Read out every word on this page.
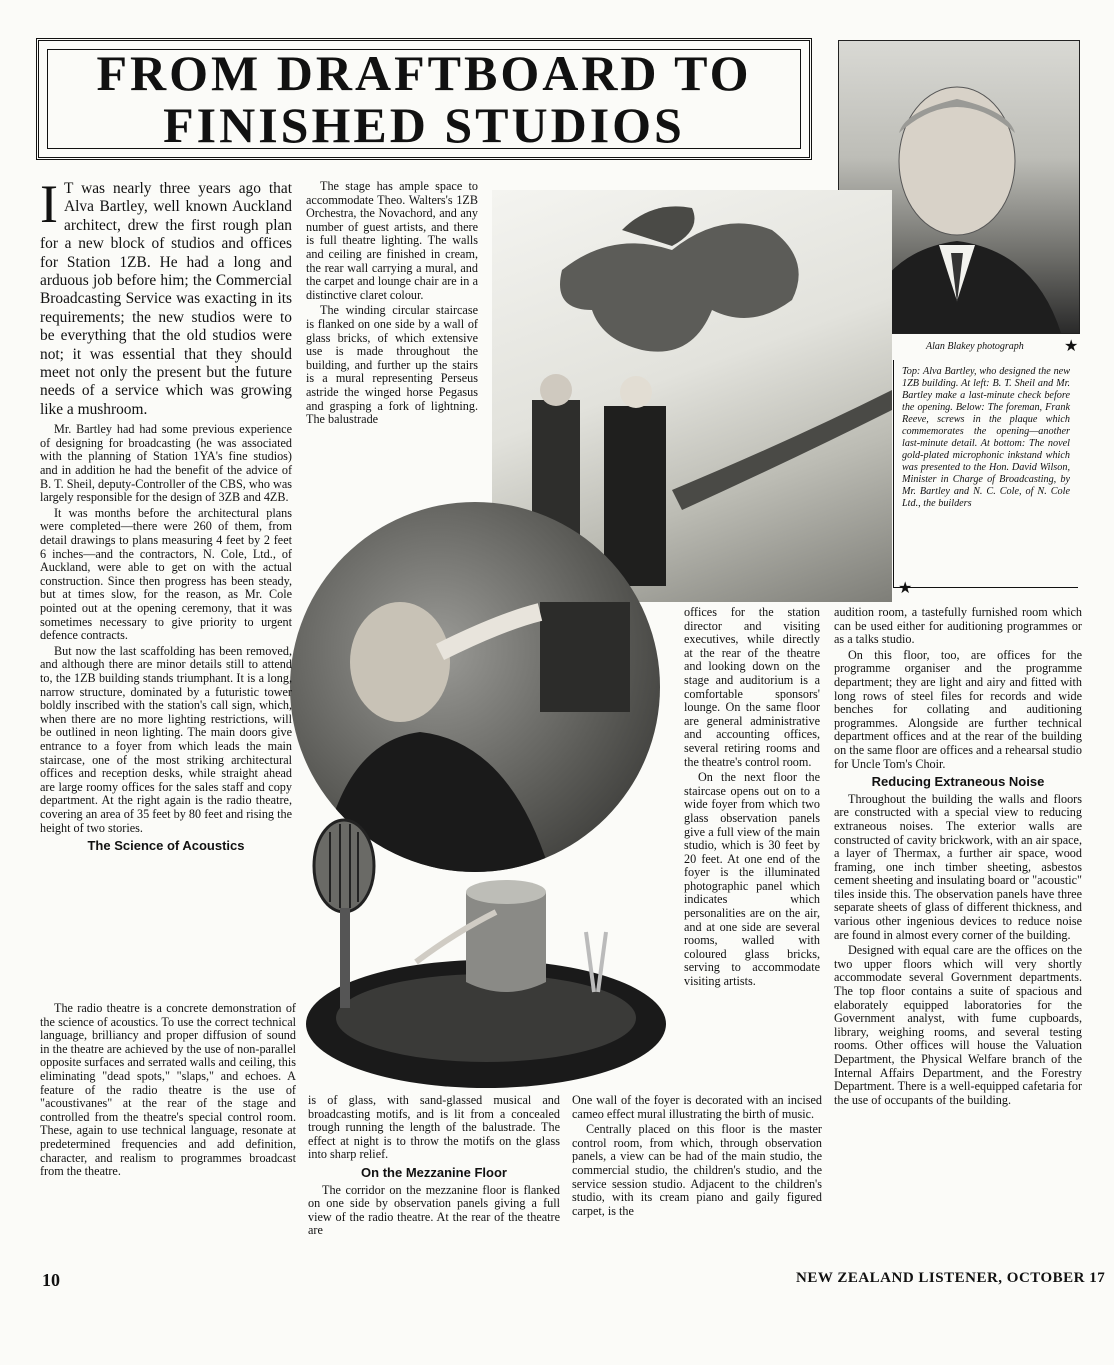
FROM DRAFTBOARD TO
FINISHED STUDIOS
Alan Blakey photograph	★
Top: Alva Bartley, who designed the new 1ZB building. At left: B. T. Sheil and Mr. Bartley make a last-minute check before the opening. Below: The foreman, Frank Reeve, screws in the plaque which commemorates the opening—another last-minute detail. At bottom: The novel gold-plated microphonic inkstand which was presented to the Hon. David Wilson, Minister in Charge of Broadcasting, by Mr. Bartley and N. C. Cole, of N. Cole Ltd., the builders
★
I T was nearly three years ago that Alva Bartley, well known Auckland architect, drew the first rough plan for a new block of studios and offices for Station 1ZB. He had a long and arduous job before him; the Commercial Broadcasting Service was exacting in its requirements; the new studios were to be everything that the old studios were not; it was essential that they should meet not only the present but the future needs of a service which was growing like a mushroom.

Mr. Bartley had had some previous experience of designing for broadcasting (he was associated with the planning of Station 1YA's fine studios) and in addition he had the benefit of the advice of B. T. Sheil, deputy-Controller of the CBS, who was largely responsible for the design of 3ZB and 4ZB.

It was months before the architectural plans were completed—there were 260 of them, from detail drawings to plans measuring 4 feet by 2 feet 6 inches—and the contractors, N. Cole, Ltd., of Auckland, were able to get on with the actual construction. Since then progress has been steady, but at times slow, for the reason, as Mr. Cole pointed out at the opening ceremony, that it was sometimes necessary to give priority to urgent defence contracts.

But now the last scaffolding has been removed, and although there are minor details still to attend to, the 1ZB building stands triumphant. It is a long, narrow structure, dominated by a futuristic tower boldly inscribed with the station's call sign, which, when there are no more lighting restrictions, will be outlined in neon lighting. The main doors give entrance to a foyer from which leads the main staircase, one of the most striking architectural offices and reception desks, while straight ahead are large roomy offices for the sales staff and copy department. At the right again is the radio theatre, covering an area of 35 feet by 80 feet and rising the height of two stories.

The Science of Acoustics

The radio theatre is a concrete demonstration of the science of acoustics. To use the correct technical language, brilliancy and proper diffusion of sound in the theatre are achieved by the use of non-parallel opposite surfaces and serrated walls and ceiling, this eliminating "dead spots," "slaps," and echoes. A feature of the radio theatre is the use of "acoustivanes" at the rear of the stage and controlled from the theatre's special control room. These, again to use technical language, resonate at predetermined frequencies and add definition, character, and realism to programmes broadcast from the theatre.

The stage has ample space to accommodate Theo. Walters's 1ZB Orchestra, the Novachord, and any number of guest artists, and there is full theatre lighting. The walls and ceiling are finished in cream, the rear wall carrying a mural, and the carpet and lounge chair are in a distinctive claret colour.

The winding circular staircase is flanked on one side by a wall of glass bricks, of which extensive use is made throughout the building, and further up the stairs is a mural representing Perseus astride the winged horse Pegasus and grasping a fork of lightning. The balustrade

is of glass, with sand-glassed musical and broadcasting motifs, and is lit from a concealed trough running the length of the balustrade. The effect at night is to throw the motifs on the glass into sharp relief.

On the Mezzanine Floor

The corridor on the mezzanine floor is flanked on one side by observation panels giving a full view of the radio theatre. At the rear of the theatre are

offices for the station director and visiting executives, while directly at the rear of the theatre and looking down on the stage and auditorium is a comfortable sponsors' lounge. On the same floor are general administrative and accounting offices, several retiring rooms and the theatre's control room.

On the next floor the staircase opens out on to a wide foyer from which two glass observation panels give a full view of the main studio, which is 30 feet by 20 feet. At one end of the foyer is the illuminated photographic panel which indicates which personalities are on the air, and at one side are several rooms, walled with coloured glass bricks, serving to accommodate visiting artists.

One wall of the foyer is decorated with an incised cameo effect mural illustrating the birth of music.

Centrally placed on this floor is the master control room, from which, through observation panels, a view can be had of the main studio, the commercial studio, the children's studio, and the service session studio. Adjacent to the children's studio, with its cream piano and gaily figured carpet, is the

audition room, a tastefully furnished room which can be used either for auditioning programmes or as a talks studio.

On this floor, too, are offices for the programme organiser and the programme department; they are light and airy and fitted with long rows of steel files for records and wide benches for collating and auditioning programmes. Alongside are further technical department offices and at the rear of the building on the same floor are offices and a rehearsal studio for Uncle Tom's Choir.

Reducing Extraneous Noise

Throughout the building the walls and floors are constructed with a special view to reducing extraneous noises. The exterior walls are constructed of cavity brickwork, with an air space, a layer of Thermax, a further air space, wood framing, one inch timber sheeting, asbestos cement sheeting and insulating board or "acoustic" tiles inside this. The observation panels have three separate sheets of glass of different thickness, and various other ingenious devices to reduce noise are found in almost every corner of the building.

Designed with equal care are the offices on the two upper floors which will very shortly accommodate several Government departments. The top floor contains a suite of spacious and elaborately equipped laboratories for the Government analyst, with fume cupboards, library, weighing rooms, and several testing rooms. Other offices will house the Valuation Department, the Physical Welfare branch of the Internal Affairs Department, and the Forestry Department. There is a well-equipped cafetaria for the use of occupants of the building.

10	NEW ZEALAND LISTENER, OCTOBER 17
